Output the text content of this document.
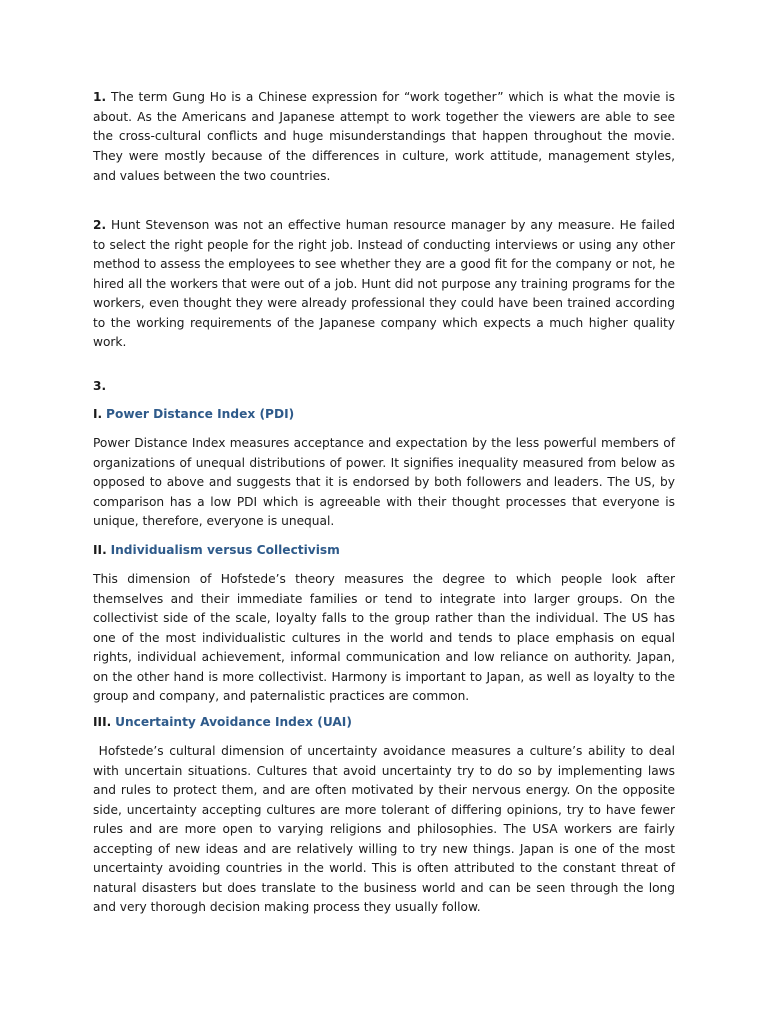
1. The term Gung Ho is a Chinese expression for “work together” which is what the movie is about. As the Americans and Japanese attempt to work together the viewers are able to see the cross-cultural conflicts and huge misunderstandings that happen throughout the movie. They were mostly because of the differences in culture, work attitude, management styles, and values between the two countries.

2. Hunt Stevenson was not an effective human resource manager by any measure. He failed to select the right people for the right job. Instead of conducting interviews or using any other method to assess the employees to see whether they are a good fit for the company or not, he hired all the workers that were out of a job. Hunt did not purpose any training programs for the workers, even thought they were already professional they could have been trained according to the working requirements of the Japanese company which expects a much higher quality work.

3.
I. Power Distance Index (PDI)

Power Distance Index measures acceptance and expectation by the less powerful members of organizations of unequal distributions of power. It signifies inequality measured from below as opposed to above and suggests that it is endorsed by both followers and leaders. The US, by comparison has a low PDI which is agreeable with their thought processes that everyone is unique, therefore, everyone is unequal.

II. Individualism versus Collectivism

This dimension of Hofstede’s theory measures the degree to which people look after themselves and their immediate families or tend to integrate into larger groups. On the collectivist side of the scale, loyalty falls to the group rather than the individual. The US has one of the most individualistic cultures in the world and tends to place emphasis on equal rights, individual achievement, informal communication and low reliance on authority. Japan, on the other hand is more collectivist. Harmony is important to Japan, as well as loyalty to the group and company, and paternalistic practices are common.

III. Uncertainty Avoidance Index (UAI)

Hofstede’s cultural dimension of uncertainty avoidance measures a culture’s ability to deal with uncertain situations. Cultures that avoid uncertainty try to do so by implementing laws and rules to protect them, and are often motivated by their nervous energy. On the opposite side, uncertainty accepting cultures are more tolerant of differing opinions, try to have fewer rules and are more open to varying religions and philosophies. The USA workers are fairly accepting of new ideas and are relatively willing to try new things. Japan is one of the most uncertainty avoiding countries in the world. This is often attributed to the constant threat of natural disasters but does translate to the business world and can be seen through the long and very thorough decision making process they usually follow.
